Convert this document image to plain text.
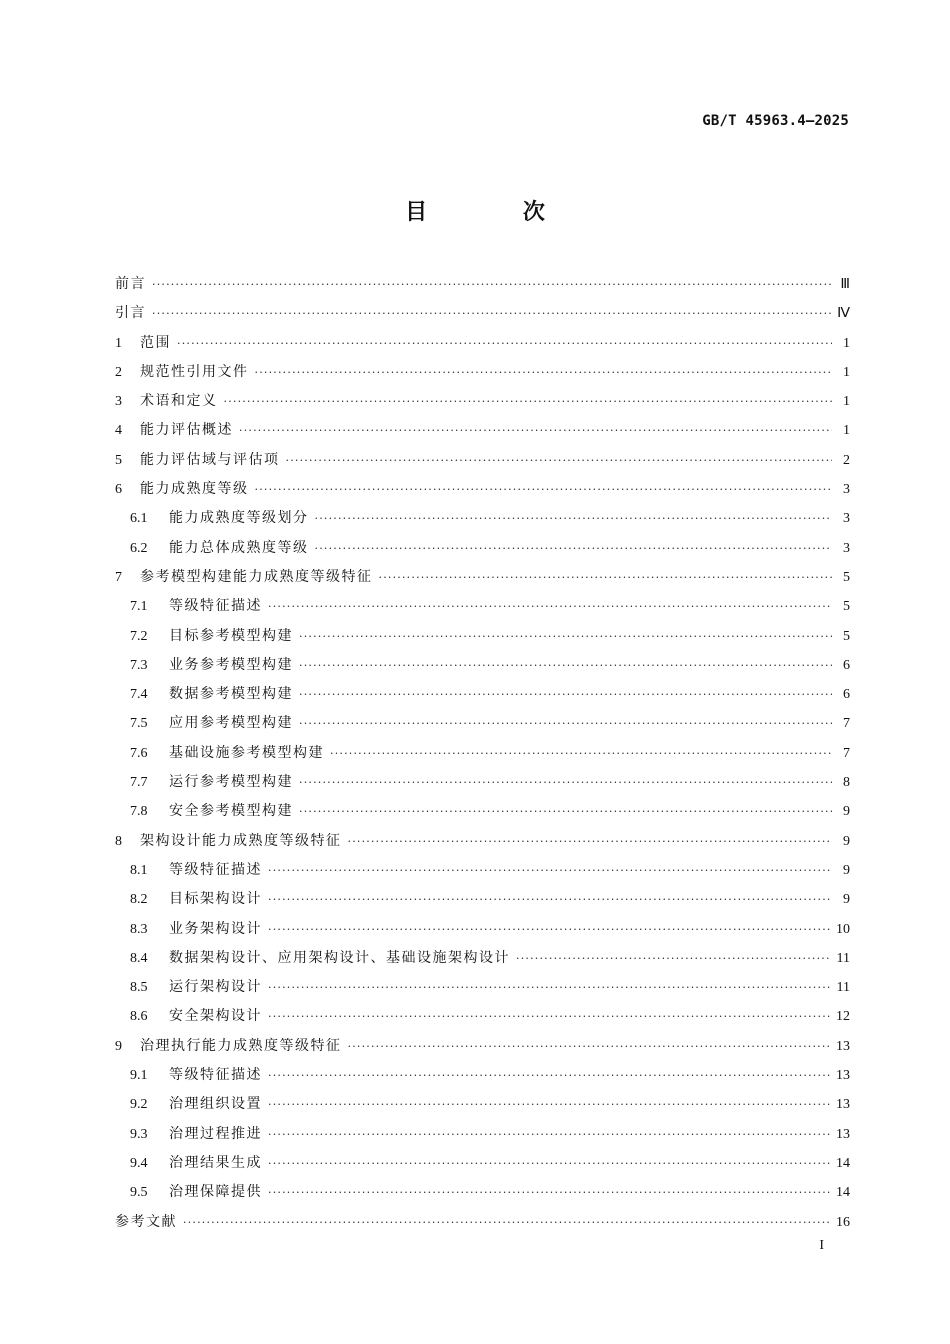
GB/T 45963.4—2025
目 次
前言 ·····	Ⅲ
引言 ·····	Ⅳ
1	范围 ·····	1
2	规范性引用文件 ·····	1
3	术语和定义 ·····	1
4	能力评估概述 ·····	1
5	能力评估域与评估项 ·····	2
6	能力成熟度等级 ·····	3
6.1	能力成熟度等级划分 ·····	3
6.2	能力总体成熟度等级 ·····	3
7	参考模型构建能力成熟度等级特征 ·····	5
7.1	等级特征描述 ·····	5
7.2	目标参考模型构建 ·····	5
7.3	业务参考模型构建 ·····	6
7.4	数据参考模型构建 ·····	6
7.5	应用参考模型构建 ·····	7
7.6	基础设施参考模型构建 ·····	7
7.7	运行参考模型构建 ·····	8
7.8	安全参考模型构建 ·····	9
8	架构设计能力成熟度等级特征 ·····	9
8.1	等级特征描述 ·····	9
8.2	目标架构设计 ·····	9
8.3	业务架构设计 ·····	10
8.4	数据架构设计、应用架构设计、基础设施架构设计 ·····	11
8.5	运行架构设计 ·····	11
8.6	安全架构设计 ·····	12
9	治理执行能力成熟度等级特征 ·····	13
9.1	等级特征描述 ·····	13
9.2	治理组织设置 ·····	13
9.3	治理过程推进 ·····	13
9.4	治理结果生成 ·····	14
9.5	治理保障提供 ·····	14
参考文献 ·····	16
I
